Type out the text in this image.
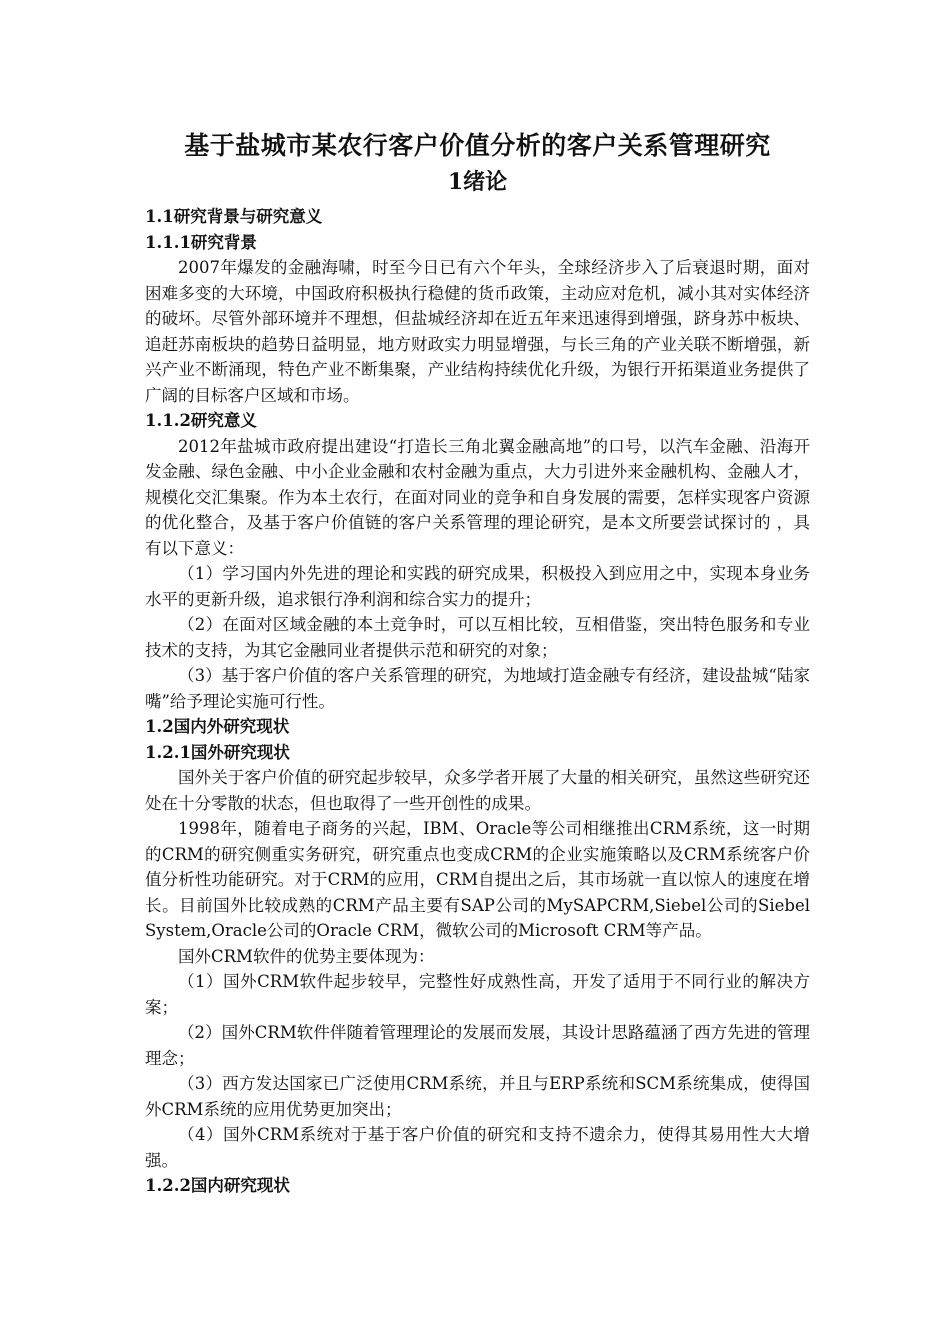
基于盐城市某农行客户价值分析的客户关系管理研究
1绪论
1.1研究背景与研究意义
1.1.1研究背景

2007年爆发的金融海啸，时至今日已有六个年头，全球经济步入了后衰退时期，面对困难多变的大环境，中国政府积极执行稳健的货币政策，主动应对危机，减小其对实体经济的破坏。尽管外部环境并不理想，但盐城经济却在近五年来迅速得到增强，跻身苏中板块、追赶苏南板块的趋势日益明显，地方财政实力明显增强，与长三角的产业关联不断增强，新兴产业不断涌现，特色产业不断集聚，产业结构持续优化升级，为银行开拓渠道业务提供了广阔的目标客户区域和市场。

1.1.2研究意义

2012年盐城市政府提出建设“打造长三角北翼金融高地”的口号，以汽车金融、沿海开发金融、绿色金融、中小企业金融和农村金融为重点，大力引进外来金融机构、金融人才，规模化交汇集聚。作为本土农行，在面对同业的竞争和自身发展的需要，怎样实现客户资源的优化整合，及基于客户价值链的客户关系管理的理论研究，是本文所要尝试探讨的 ，具有以下意义：

（1）学习国内外先进的理论和实践的研究成果，积极投入到应用之中，实现本身业务水平的更新升级，追求银行净利润和综合实力的提升；

（2）在面对区域金融的本土竞争时，可以互相比较，互相借鉴，突出特色服务和专业技术的支持，为其它金融同业者提供示范和研究的对象；

（3）基于客户价值的客户关系管理的研究，为地域打造金融专有经济，建设盐城“陆家嘴”给予理论实施可行性。

1.2国内外研究现状
1.2.1国外研究现状

国外关于客户价值的研究起步较早，众多学者开展了大量的相关研究，虽然这些研究还处在十分零散的状态，但也取得了一些开创性的成果。

1998年，随着电子商务的兴起，IBM、Oracle等公司相继推出CRM系统，这一时期的CRM的研究侧重实务研究，研究重点也变成CRM的企业实施策略以及CRM系统客户价值分析性功能研究。对于CRM的应用，CRM自提出之后，其市场就一直以惊人的速度在增长。目前国外比较成熟的CRM产品主要有SAP公司的MySAPCRM,Siebel公司的Siebel System,Oracle公司的Oracle CRM，微软公司的Microsoft CRM等产品。

国外CRM软件的优势主要体现为：

（1）国外CRM软件起步较早，完整性好成熟性高，开发了适用于不同行业的解决方案；

（2）国外CRM软件伴随着管理理论的发展而发展，其设计思路蕴涵了西方先进的管理理念；

（3）西方发达国家已广泛使用CRM系统，并且与ERP系统和SCM系统集成，使得国外CRM系统的应用优势更加突出；

（4）国外CRM系统对于基于客户价值的研究和支持不遗余力，使得其易用性大大增强。

1.2.2国内研究现状
